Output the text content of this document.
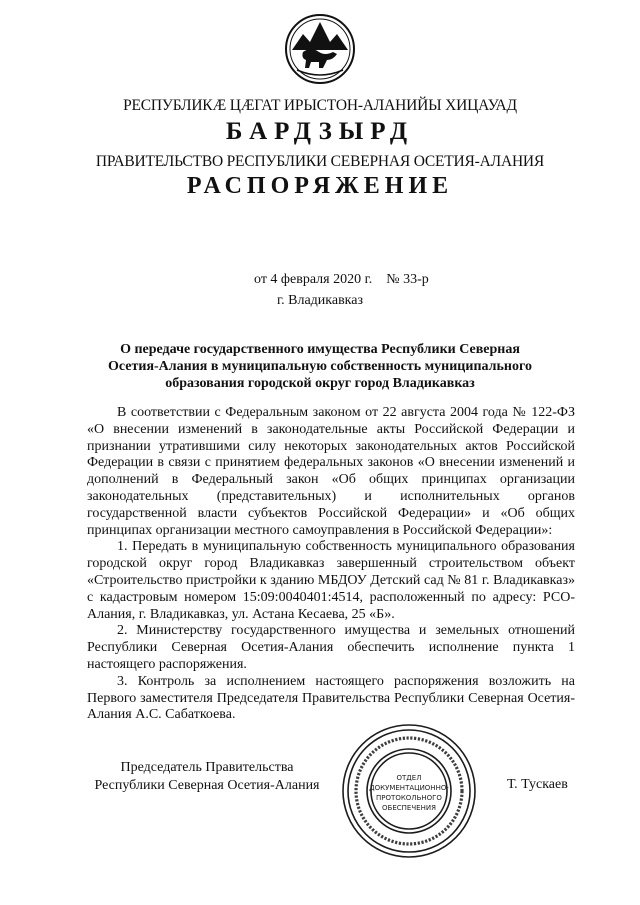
РЕСПУБЛИКӔ ЦӔГАТ ИРЫСТОН-АЛАНИЙЫ ХИЦАУАД
БАРДЗЫРД
ПРАВИТЕЛЬСТВО РЕСПУБЛИКИ СЕВЕРНАЯ ОСЕТИЯ-АЛАНИЯ
РАСПОРЯЖЕНИЕ
от 4 февраля 2020 г. № 33-р
г. Владикавказ
О передаче государственного имущества Республики Северная Осетия-Алания в муниципальную собственность муниципального образования городской округ город Владикавказ

В соответствии с Федеральным законом от 22 августа 2004 года № 122-ФЗ «О внесении изменений в законодательные акты Российской Федерации и признании утратившими силу некоторых законодательных актов Российской Федерации в связи с принятием федеральных законов «О внесении изменений и дополнений в Федеральный закон «Об общих принципах организации законодательных (представительных) и исполнительных органов государственной власти субъектов Российской Федерации» и «Об общих принципах организации местного самоуправления в Российской Федерации»:

1. Передать в муниципальную собственность муниципального образования городской округ город Владикавказ завершенный строительством объект «Строительство пристройки к зданию МБДОУ Детский сад № 81 г. Владикавказ» с кадастровым номером 15:09:0040401:4514, расположенный по адресу: РСО-Алания, г. Владикавказ, ул. Астана Кесаева, 25 «Б».

2. Министерству государственного имущества и земельных отношений Республики Северная Осетия-Алания обеспечить исполнение пункта 1 настоящего распоряжения.

3. Контроль за исполнением настоящего распоряжения возложить на Первого заместителя Председателя Правительства Республики Северная Осетия-Алания А.С. Сабаткоева.

Председатель Правительства
Республики Северная Осетия-Алания	ОТДЕЛ
ДОКУМЕНТАЦИОННО-
ПРОТОКОЛЬНОГО
ОБЕСПЕЧЕНИЯ
Т. Тускаев
